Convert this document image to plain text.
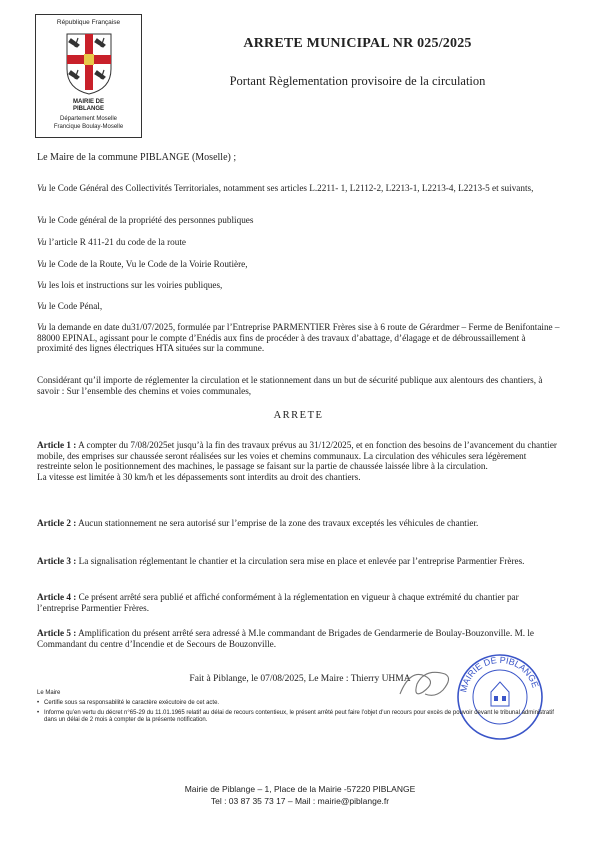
République Française
MAIRIE DE
PIBLANGE
Département Moselle
Francique Boulay-Moselle
ARRETE MUNICIPAL NR 025/2025
Portant Règlementation provisoire de la circulation
Le Maire de la commune PIBLANGE (Moselle) ;
Vu le Code Général des Collectivités Territoriales, notamment ses articles L.2211- 1, L2112-2, L2213-1, L2213-4, L2213-5 et suivants,
Vu le Code général de la propriété des personnes publiques
Vu l’article R 411-21 du code de la route
Vu le Code de la Route, Vu le Code de la Voirie Routière,
Vu les lois et instructions sur les voiries publiques,
Vu le Code Pénal,
Vu la demande en date du31/07/2025, formulée par l’Entreprise PARMENTIER Frères sise à 6 route de Gérardmer – Ferme de Benifontaine – 88000 EPINAL, agissant pour le compte d’Enédis aux fins de procéder à des travaux d’abattage, d’élagage et de débroussaillement à proximité des lignes électriques HTA situées sur la commune.
Considérant qu’il importe de réglementer la circulation et le stationnement dans un but de sécurité publique aux alentours des chantiers, à savoir : Sur l’ensemble des chemins et voies communales,
ARRETE
Article 1 : A compter du 7/08/2025et jusqu’à la fin des travaux prévus au 31/12/2025, et en fonction des besoins de l’avancement du chantier mobile, des emprises sur chaussée seront réalisées sur les voies et chemins communaux. La circulation des véhicules sera légèrement restreinte selon le positionnement des machines, le passage se faisant sur la partie de chaussée laissée libre à la circulation.
La vitesse est limitée à 30 km/h et les dépassements sont interdits au droit des chantiers.
Article 2 : Aucun stationnement ne sera autorisé sur l’emprise de la zone des travaux exceptés les véhicules de chantier.
Article 3 : La signalisation réglementant le chantier et la circulation sera mise en place et enlevée par l’entreprise Parmentier Frères.
Article 4 : Ce présent arrêté sera publié et affiché conformément à la réglementation en vigueur à chaque extrémité du chantier par l’entreprise Parmentier Frères.
Article 5 : Amplification du présent arrêté sera adressé à M.le commandant de Brigades de Gendarmerie de Boulay-Bouzonville. M. le Commandant du centre d’Incendie et de Secours de Bouzonville.
Fait à Piblange, le 07/08/2025, Le Maire : Thierry UHMA
MAIRIE DE PIBLANGE
Le Maire
• Certifie sous sa responsabilité le caractère exécutoire de cet acte.
• Informe qu’en vertu du décret n°65-29 du 11.01.1965 relatif au délai de recours contentieux, le présent arrêté peut faire l’objet d’un recours pour excès de pouvoir devant le tribunal administratif dans un délai de 2 mois à compter de la présente notification.
Mairie de Piblange – 1, Place de la Mairie -57220 PIBLANGE
Tel : 03 87 35 73 17 – Mail : mairie@piblange.fr
